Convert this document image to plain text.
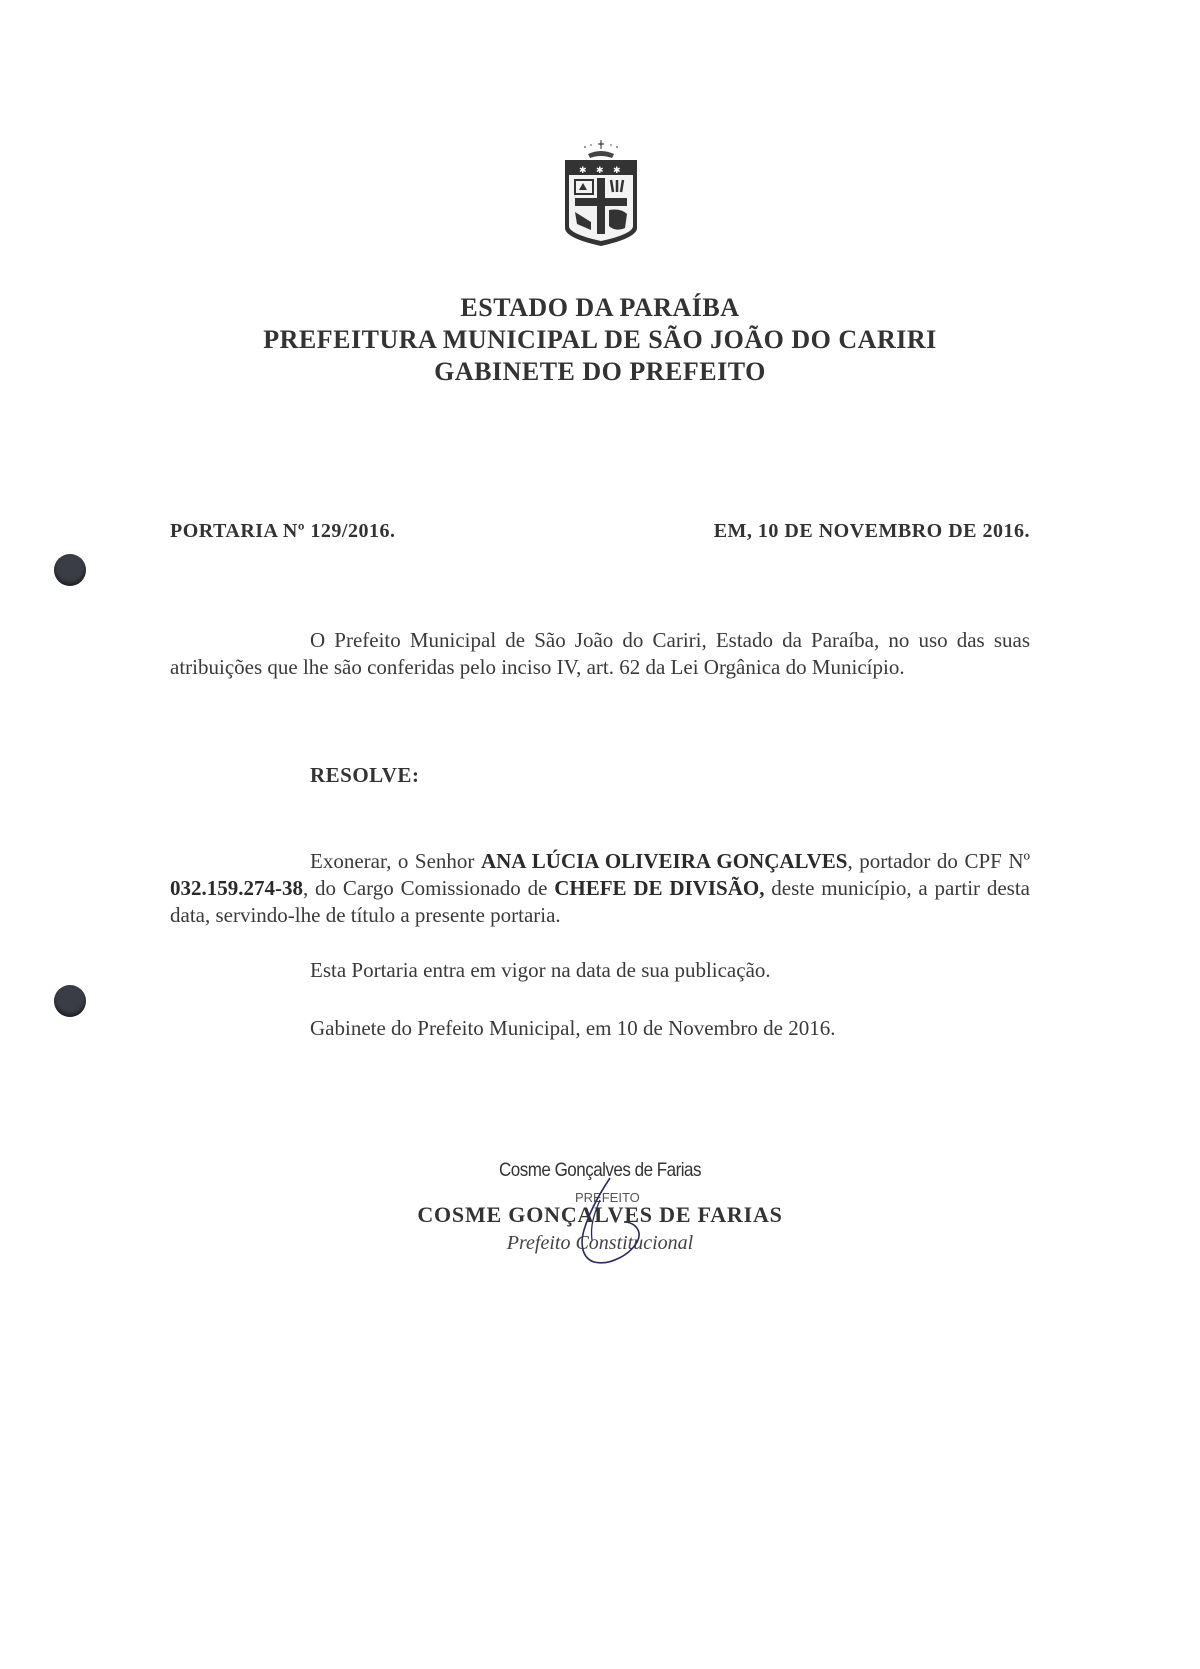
✱ ✱ ✱
ESTADO DA PARAÍBA
PREFEITURA MUNICIPAL DE SÃO JOÃO DO CARIRI
GABINETE DO PREFEITO
PORTARIA Nº 129/2016.	EM, 10 DE NOVEMBRO DE 2016.
O Prefeito Municipal de São João do Cariri, Estado da Paraíba, no uso das suas atribuições que lhe são conferidas pelo inciso IV, art. 62 da Lei Orgânica do Município.
RESOLVE:
Exonerar, o Senhor ANA LÚCIA OLIVEIRA GONÇALVES, portador do CPF Nº 032.159.274-38, do Cargo Comissionado de CHEFE DE DIVISÃO, deste município, a partir desta data, servindo-lhe de título a presente portaria.
Esta Portaria entra em vigor na data de sua publicação.
Gabinete do Prefeito Municipal, em 10 de Novembro de 2016.
Cosme Gonçalves de Farias
PREFEITO
COSME GONÇALVES DE FARIAS
Prefeito Constitucional
